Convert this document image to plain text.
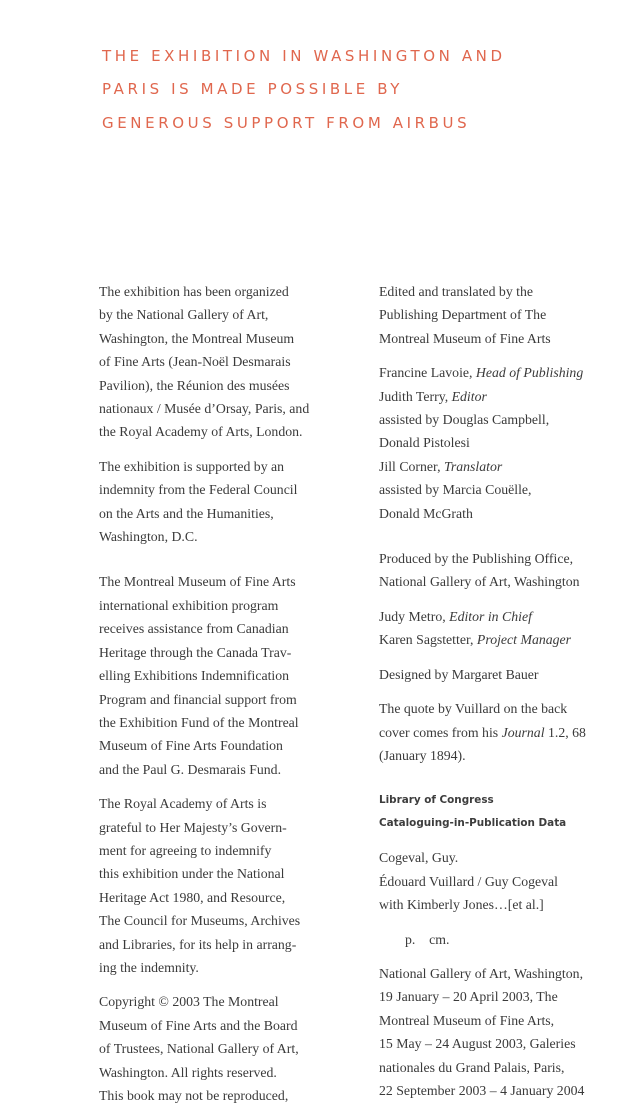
THE EXHIBITION IN WASHINGTON AND
PARIS IS MADE POSSIBLE BY
GENEROUS SUPPORT FROM AIRBUS

The exhibition has been organized
by the National Gallery of Art,
Washington, the Montreal Museum
of Fine Arts (Jean-Noël Desmarais
Pavilion), the Réunion des musées
nationaux / Musée d’Orsay, Paris, and
the Royal Academy of Arts, London.

The exhibition is supported by an
indemnity from the Federal Council
on the Arts and the Humanities,
Washington, D.C.

The Montreal Museum of Fine Arts
international exhibition program
receives assistance from Canadian
Heritage through the Canada Trav-
elling Exhibitions Indemnification
Program and financial support from
the Exhibition Fund of the Montreal
Museum of Fine Arts Foundation
and the Paul G. Desmarais Fund.

The Royal Academy of Arts is
grateful to Her Majesty’s Govern-
ment for agreeing to indemnify
this exhibition under the National
Heritage Act 1980, and Resource,
The Council for Museums, Archives
and Libraries, for its help in arrang-
ing the indemnity.

Copyright © 2003 The Montreal
Museum of Fine Arts and the Board
of Trustees, National Gallery of Art,
Washington. All rights reserved.
This book may not be reproduced,

Edited and translated by the
Publishing Department of The
Montreal Museum of Fine Arts

Francine Lavoie, Head of Publishing
Judith Terry, Editor
assisted by Douglas Campbell,
Donald Pistolesi
Jill Corner, Translator
assisted by Marcia Couëlle,
Donald McGrath

Produced by the Publishing Office,
National Gallery of Art, Washington

Judy Metro, Editor in Chief
Karen Sagstetter, Project Manager

Designed by Margaret Bauer

The quote by Vuillard on the back
cover comes from his Journal 1.2, 68
(January 1894).

Library of Congress
Cataloguing-in-Publication Data

Cogeval, Guy.
Édouard Vuillard / Guy Cogeval
with Kimberly Jones…[et al.]

p.    cm.

National Gallery of Art, Washington,
19 January – 20 April 2003, The
Montreal Museum of Fine Arts,
15 May – 24 August 2003, Galeries
nationales du Grand Palais, Paris,
22 September 2003 – 4 January 2004
